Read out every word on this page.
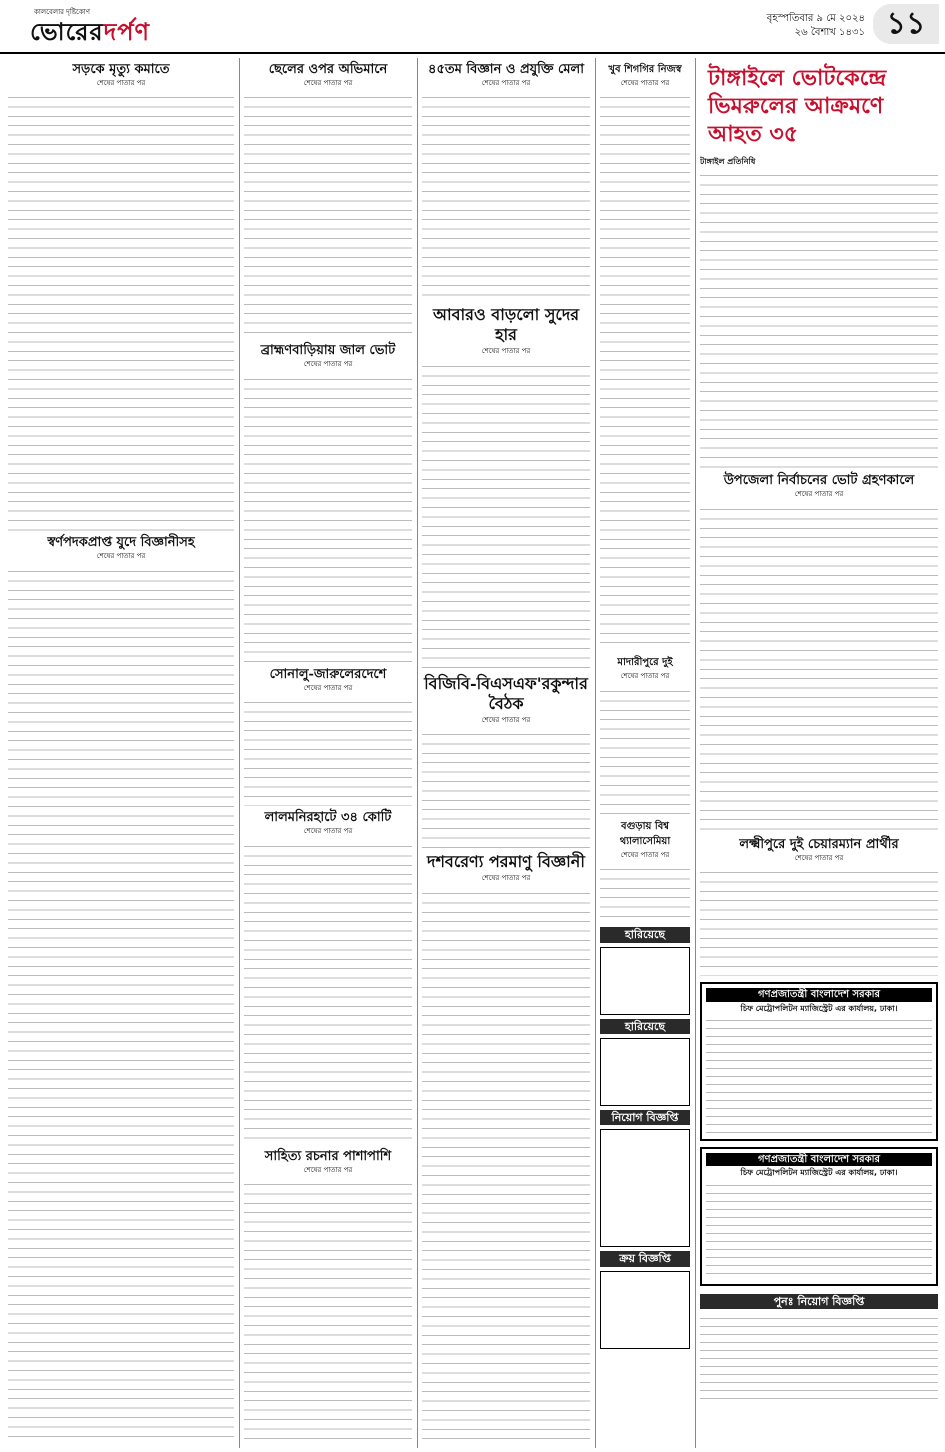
কালবেলার দৃষ্টিকোণ
ভোরেরদর্পণ	বৃহস্পতিবার ৯ মে ২০২৪
২৬ বৈশাখ ১৪৩১ ১১
সড়কে মৃত্যু কমাতে
শেষের পাতার পর
স্বর্ণপদকপ্রাপ্ত যুদে বিজ্ঞানীসহ
শেষের পাতার পর
ছেলের ওপর অভিমানে
শেষের পাতার পর
ব্রাহ্মণবাড়িয়ায় জাল ভোট
শেষের পাতার পর
সোনালু-জারুলেরদেশে
শেষের পাতার পর
লালমনিরহাটে ৩৪ কোটি
শেষের পাতার পর
সাহিত্য রচনার পাশাপাশি
শেষের পাতার পর
৪৫তম বিজ্ঞান ও প্রযুক্তি মেলা
শেষের পাতার পর
আবারও বাড়লো সুদের হার
শেষের পাতার পর
বিজিবি-বিএসএফ'রকুন্দার বৈঠক
শেষের পাতার পর
দশবরেণ্য পরমাণু বিজ্ঞানী
শেষের পাতার পর
খুব শিগগির নিজস্ব
শেষের পাতার পর
মাদারীপুরে দুই
শেষের পাতার পর
বগুড়ায় বিশ্ব থ্যালাসেমিয়া
শেষের পাতার পর
হারিয়েছে
হারিয়েছে
নিয়োগ বিজ্ঞপ্তি
ক্রয় বিজ্ঞপ্তি
টাঙ্গাইলে ভোটকেন্দ্রে ভিমরুলের আক্রমণে আহত ৩৫
টাঙ্গাইল প্রতিনিধি
উপজেলা নির্বাচনের ভোট গ্রহণকালে
শেষের পাতার পর
লক্ষ্মীপুরে দুই চেয়ারম্যান প্রার্থীর
শেষের পাতার পর
গণপ্রজাতন্ত্রী বাংলাদেশ সরকার
চিফ মেট্রোপলিটন ম্যাজিস্ট্রেট এর কার্যালয়, ঢাকা।
গণপ্রজাতন্ত্রী বাংলাদেশ সরকার
চিফ মেট্রোপলিটন ম্যাজিস্ট্রেট এর কার্যালয়, ঢাকা।
পুনঃ নিয়োগ বিজ্ঞপ্তি
